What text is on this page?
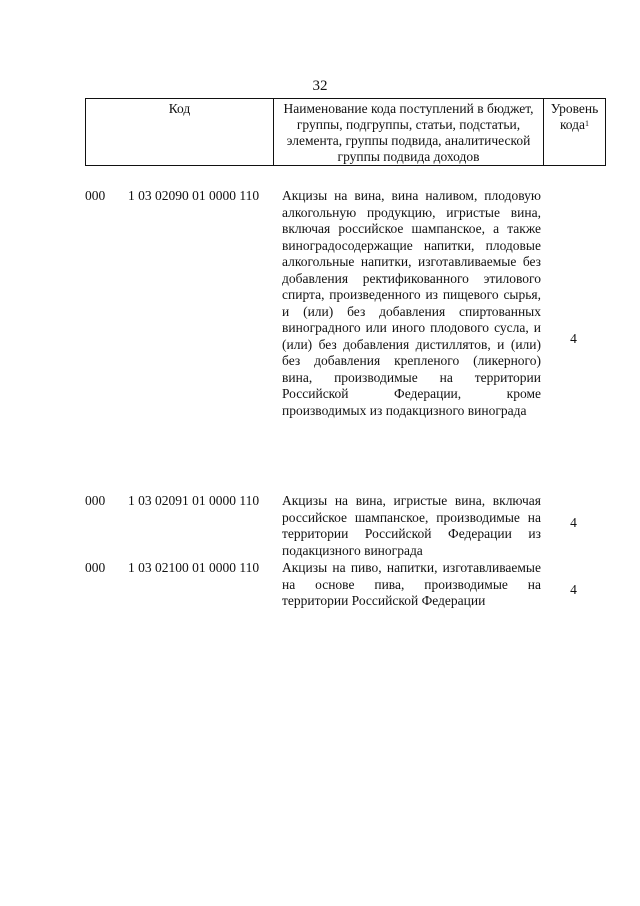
32
Код	Наименование кода поступлений в бюджет, группы, подгруппы, статьи, подстатьи, элемента, группы подвида, аналитической группы подвида доходов
Уровень кода$^1$
000 1 03 02090 01 0000 110 Акцизы на вина, вина наливом, плодовую алкогольную продукцию, игристые вина, включая российское шампанское, а также виноградосодержащие напитки, плодовые алкогольные напитки, изготавливаемые без добавления ректификованного этилового спирта, произведенного из пищевого сырья, и (или) без добавления спиртованных виноградного или иного плодового сусла, и (или) без добавления дистиллятов, и (или) без добавления крепленого (ликерного) вина, производимые на территории Российской Федерации, кроме производимых из подакцизного винограда
4
000 1 03 02091 01 0000 110 Акцизы на вина, игристые вина, включая российское шампанское, производимые на территории Российской Федерации из подакцизного винограда
4
000 1 03 02100 01 0000 110 Акцизы на пиво, напитки, изготавливаемые на основе пива, производимые на территории Российской Федерации
4
